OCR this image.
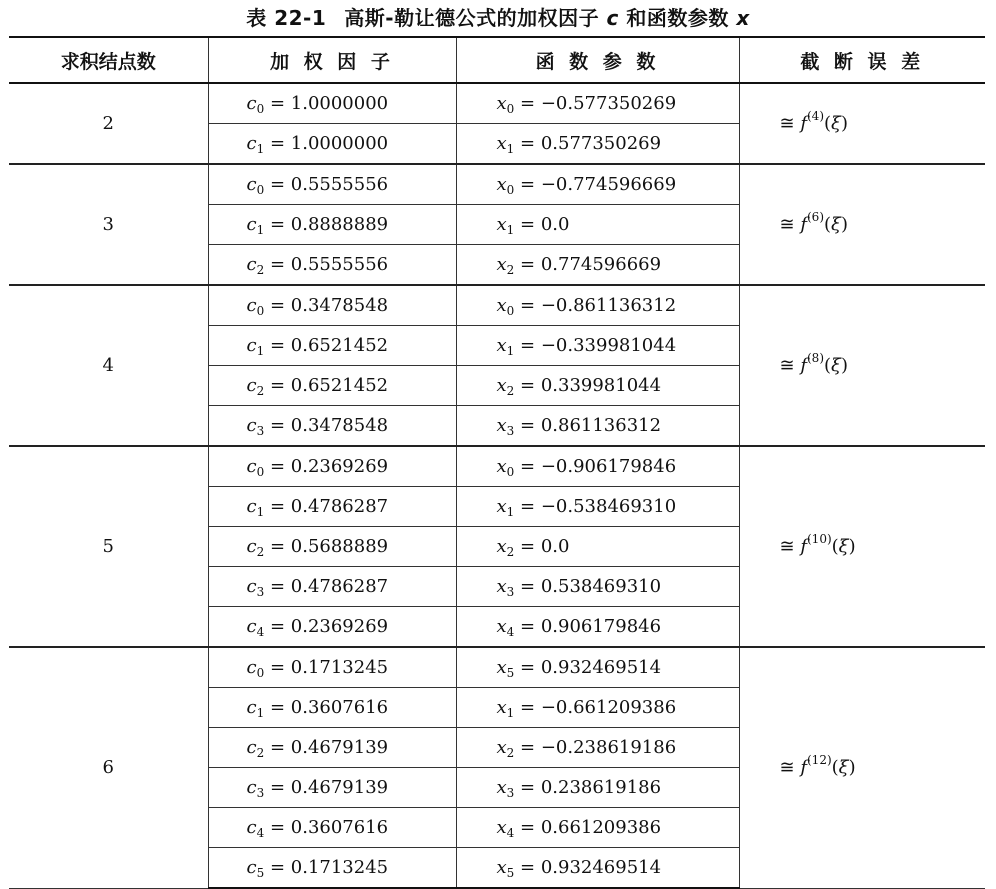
表 22-1 高斯-勒让德公式的加权因子 c 和函数参数 x
求积结点数	加 权 因 子	函 数 参 数	截 断 误 差
2	$c_0 = 1.0000000$	$x_0 = -0.577350269$	≅ $f^{(4)}(\xi)$
	$c_1 = 1.0000000$	$x_1 = 0.577350269$	
3	$c_0 = 0.5555556$	$x_0 = -0.774596669$	≅ $f^{(6)}(\xi)$
	$c_1 = 0.8888889$	$x_1 = 0.0$	
	$c_2 = 0.5555556$	$x_2 = 0.774596669$	
4	$c_0 = 0.3478548$	$x_0 = -0.861136312$	≅ $f^{(8)}(\xi)$
	$c_1 = 0.6521452$	$x_1 = -0.339981044$	
	$c_2 = 0.6521452$	$x_2 = 0.339981044$	
	$c_3 = 0.3478548$	$x_3 = 0.861136312$	
5	$c_0 = 0.2369269$	$x_0 = -0.906179846$	≅ $f^{(10)}(\xi)$
	$c_1 = 0.4786287$	$x_1 = -0.538469310$	
	$c_2 = 0.5688889$	$x_2 = 0.0$	
	$c_3 = 0.4786287$	$x_3 = 0.538469310$	
	$c_4 = 0.2369269$	$x_4 = 0.906179846$	
6	$c_0 = 0.1713245$	$x_5 = 0.932469514$	≅ $f^{(12)}(\xi)$
	$c_1 = 0.3607616$	$x_1 = -0.661209386$	
	$c_2 = 0.4679139$	$x_2 = -0.238619186$	
	$c_3 = 0.4679139$	$x_3 = 0.238619186$	
	$c_4 = 0.3607616$	$x_4 = 0.661209386$	
	$c_5 = 0.1713245$	$x_5 = 0.932469514$	
